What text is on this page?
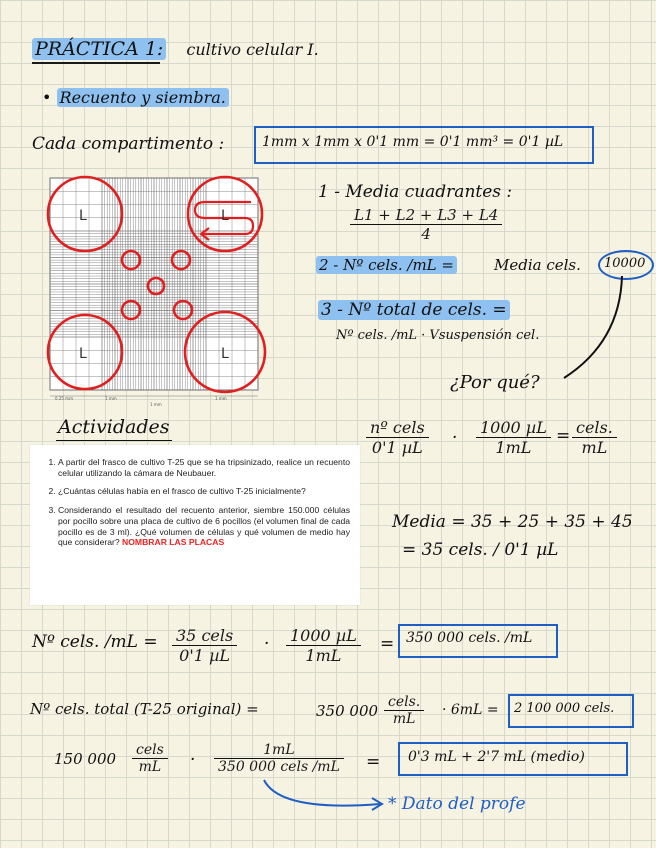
PRÁCTICA 1: cultivo celular I.
• Recuento y siembra.
Cada compartimento :	1mm x 1mm x 0'1 mm = 0'1 mm³ = 0'1 µL
L	L
L	L
0.25 mm	1 mm
1 mm
1 mm
1 - Media cuadrantes :
$\frac{L1 + L2 + L3 + L4}{4}$
2 - Nº cels. /mL =	Media cels. 10000
3 - Nº total de cels. =
Nº cels. /mL · Vsuspensión cel.
¿Por qué?
Actividades
1. A partir del frasco de cultivo T-25 que se ha tripsinizado, realice un recuento celular utilizando la cámara de Neubauer.
2. ¿Cuántas células había en el frasco de cultivo T-25 inicialmente?
3. Considerando el resultado del recuento anterior, siembre 150.000 células por pocillo sobre una placa de cultivo de 6 pocillos (el volumen final de cada pocillo es de 3 ml). ¿Qué volumen de células y qué volumen de medio hay que considerar? NOMBRAR LAS PLACAS
nº cels
0'1 µL	·
1000 µL
1mL
= cels.
mL
Media = 35 + 25 + 35 + 45
= 35 cels. / 0'1 µL
Nº cels. /mL = 35 cels
0'1 µL
· 1000 µL
1mL
= 350 000 cels. /mL
Nº cels. total (T-25 original) =	350 000 cels.
mL
· 6mL = 2 100 000 cels.
150 000 cels
mL	·	1mL
350 000 cels /mL = 0'3 mL + 2'7 mL (medio)
* Dato del profe
